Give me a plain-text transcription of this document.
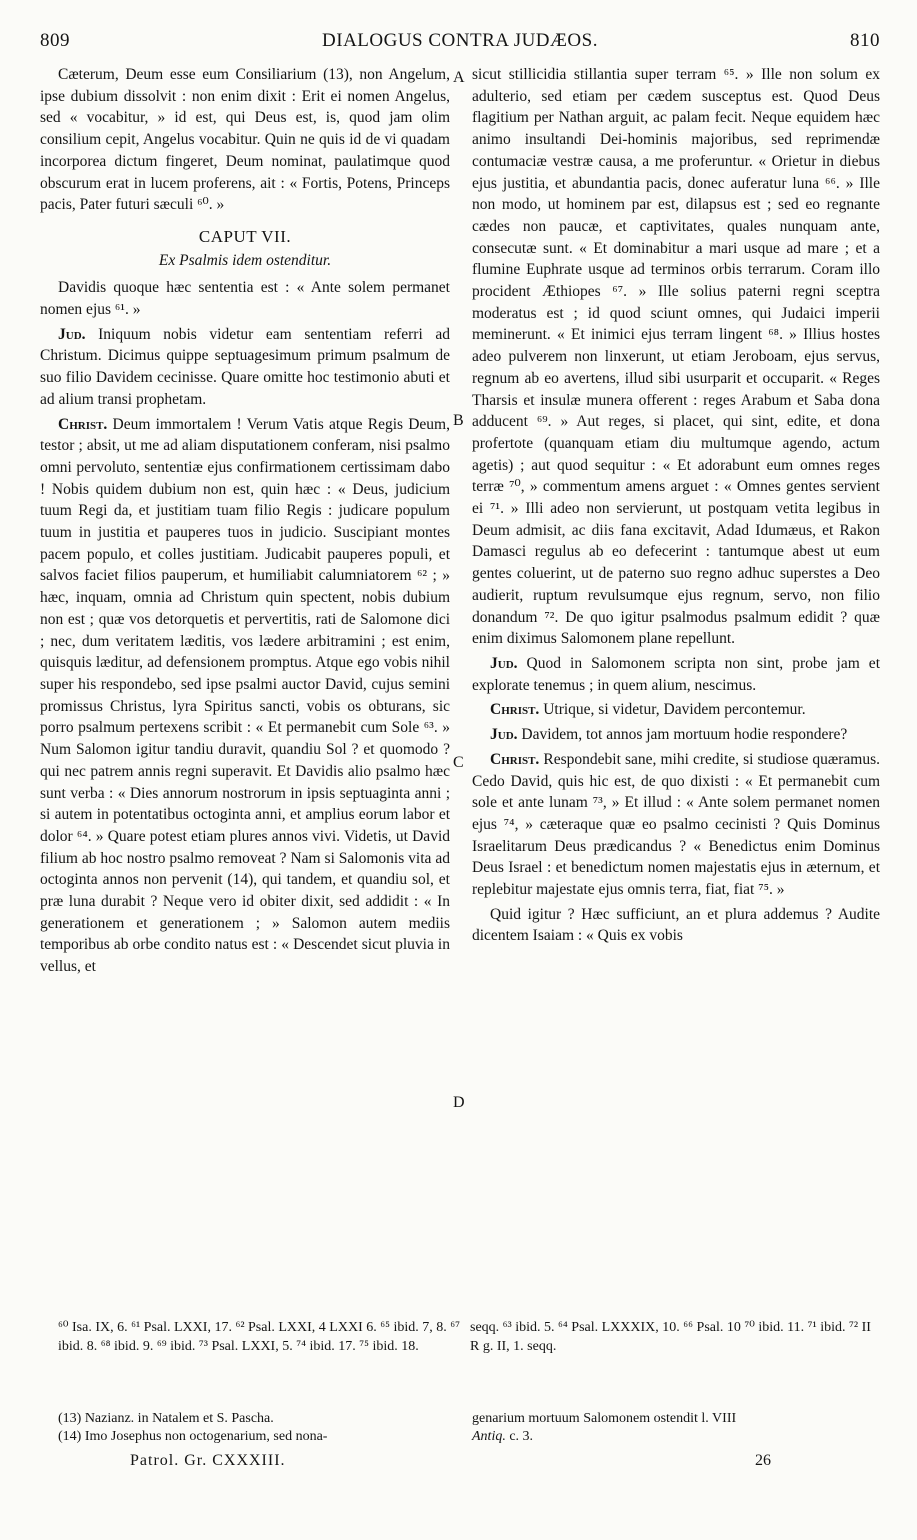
809	DIALOGUS CONTRA JUDÆOS.	810

Cæterum, Deum esse eum Consiliarium (13), non Angelum, ipse dubium dissolvit : non enim dixit : Erit ei nomen Angelus, sed « vocabitur, » id est, qui Deus est, is, quod jam olim consilium cepit, Angelus vocabitur. Quin ne quis id de vi quadam incorporea dictum fingeret, Deum nominat, paulatimque quod obscurum erat in lucem proferens, ait : « Fortis, Potens, Princeps pacis, Pater futuri sæculi ⁶⁰. »

CAPUT VII.
Ex Psalmis idem ostenditur.

Davidis quoque hæc sententia est : « Ante solem permanet nomen ejus ⁶¹. »

Jud. Iniquum nobis videtur eam sententiam referri ad Christum. Dicimus quippe septuagesimum primum psalmum de suo filio Davidem cecinisse. Quare omitte hoc testimonio abuti et ad alium transi prophetam.

Christ. Deum immortalem ! Verum Vatis atque Regis Deum, testor ; absit, ut me ad aliam disputationem conferam, nisi psalmo omni pervoluto, sententiæ ejus confirmationem certissimam dabo ! Nobis quidem dubium non est, quin hæc : « Deus, judicium tuum Regi da, et justitiam tuam filio Regis : judicare populum tuum in justitia et pauperes tuos in judicio. Suscipiant montes pacem populo, et colles justitiam. Judicabit pauperes populi, et salvos faciet filios pauperum, et humiliabit calumniatorem ⁶² ; » hæc, inquam, omnia ad Christum quin spectent, nobis dubium non est ; quæ vos detorquetis et pervertitis, rati de Salomone dici ; nec, dum veritatem læditis, vos lædere arbitramini ; est enim, quisquis læditur, ad defensionem promptus. Atque ego vobis nihil super his respondebo, sed ipse psalmi auctor David, cujus semini promissus Christus, lyra Spiritus sancti, vobis os obturans, sic porro psalmum pertexens scribit : « Et permanebit cum Sole ⁶³. » Num Salomon igitur tandiu duravit, quandiu Sol ? et quomodo ? qui nec patrem annis regni superavit. Et Davidis alio psalmo hæc sunt verba : « Dies annorum nostrorum in ipsis septuaginta anni ; si autem in potentatibus octoginta anni, et amplius eorum labor et dolor ⁶⁴. » Quare potest etiam plures annos vivi. Videtis, ut David filium ab hoc nostro psalmo removeat ? Nam si Salomonis vita ad octoginta annos non pervenit (14), qui tandem, et quandiu sol, et præ luna durabit ? Neque vero id obiter dixit, sed addidit : « In generationem et generationem ; » Salomon autem mediis temporibus ab orbe condito natus est : « Descendet sicut pluvia in vellus, et

A
B
C
D

sicut stillicidia stillantia super terram ⁶⁵. » Ille non solum ex adulterio, sed etiam per cædem susceptus est. Quod Deus flagitium per Nathan arguit, ac palam fecit. Neque equidem hæc animo insultandi Dei-hominis majoribus, sed reprimendæ contumaciæ vestræ causa, a me proferuntur. « Orietur in diebus ejus justitia, et abundantia pacis, donec auferatur luna ⁶⁶. » Ille non modo, ut hominem par est, dilapsus est ; sed eo regnante cædes non paucæ, et captivitates, quales nunquam ante, consecutæ sunt. « Et dominabitur a mari usque ad mare ; et a flumine Euphrate usque ad terminos orbis terrarum. Coram illo procident Æthiopes ⁶⁷. » Ille solius paterni regni sceptra moderatus est ; id quod sciunt omnes, qui Judaici imperii meminerunt. « Et inimici ejus terram lingent ⁶⁸. » Illius hostes adeo pulverem non linxerunt, ut etiam Jeroboam, ejus servus, regnum ab eo avertens, illud sibi usurparit et occuparit. « Reges Tharsis et insulæ munera offerent : reges Arabum et Saba dona adducent ⁶⁹. » Aut reges, si placet, qui sint, edite, et dona profertote (quanquam etiam diu multumque agendo, actum agetis) ; aut quod sequitur : « Et adorabunt eum omnes reges terræ ⁷⁰, » commentum amens arguet : « Omnes gentes servient ei ⁷¹. » Illi adeo non servierunt, ut postquam vetita legibus in Deum admisit, ac diis fana excitavit, Adad Idumæus, et Rakon Damasci regulus ab eo defecerint : tantumque abest ut eum gentes coluerint, ut de paterno suo regno adhuc superstes a Deo audierit, ruptum revulsumque ejus regnum, servo, non filio donandum ⁷². De quo igitur psalmodus psalmum edidit ? quæ enim diximus Salomonem plane repellunt.

Jud. Quod in Salomonem scripta non sint, probe jam et explorate tenemus ; in quem alium, nescimus.

Christ. Utrique, si videtur, Davidem percontemur.

Jud. Davidem, tot annos jam mortuum hodie responderе?

Christ. Respondebit sane, mihi credite, si studiose quæramus. Cedo David, quis hic est, de quo dixisti : « Et permanebit cum sole et ante lunam ⁷³, » Et illud : « Ante solem permanet nomen ejus ⁷⁴, » cæteraque quæ eo psalmo cecinisti ? Quis Dominus Israelitarum Deus prædicandus ? « Benedictus enim Dominus Deus Israel : et benedictum nomen majestatis ejus in æternum, et replebitur majestate ejus omnis terra, fiat, fiat ⁷⁵. »

Quid igitur ? Hæc sufficiunt, an et plura addemus ? Audite dicentem Isaiam : « Quis ex vobis

⁶⁰ Isa. IX, 6. ⁶¹ Psal. LXXI, 17. ⁶² Psal. LXXI, 4 LXXI 6. ⁶⁵ ibid. 7, 8. ⁶⁷ ibid. 8. ⁶⁸ ibid. 9. ⁶⁹ ibid. ⁷³ Psal. LXXI, 5. ⁷⁴ ibid. 17. ⁷⁵ ibid. 18.
seqq. ⁶³ ibid. 5. ⁶⁴ Psal. LXXXIX, 10. ⁶⁶ Psal. 10 ⁷⁰ ibid. 11. ⁷¹ ibid. ⁷² II R g. II, 1. seqq.
(13) Nazianz. in Natalem et S. Pascha.
(14) Imo Josephus non octogenarium, sed nona-
genarium mortuum Salomonem ostendit l. VIII
Antiq. c. 3.
Patrol. Gr. CXXXIII.	26
